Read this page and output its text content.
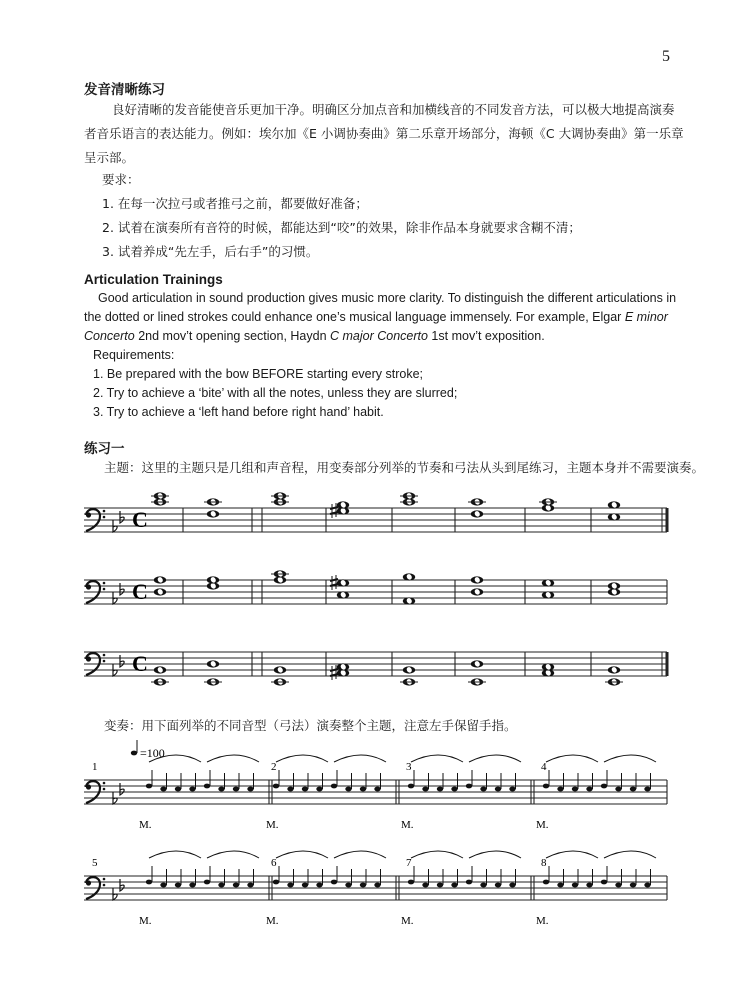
5
发音清晰练习
良好清晰的发音能使音乐更加干净。明确区分加点音和加横线音的不同发音方法，可以极大地提高演奏
者音乐语言的表达能力。例如：埃尔加《E 小调协奏曲》第二乐章开场部分，海顿《C 大调协奏曲》第一乐章
呈示部。
要求：
1. 在每一次拉弓或者推弓之前，都要做好准备；
2. 试着在演奏所有音符的时候，都能达到“咬”的效果，除非作品本身就要求含糊不清；
3. 试着养成“先左手，后右手”的习惯。
Articulation Trainings
Good articulation in sound production gives music more clarity. To distinguish the different articulations in the dotted or lined strokes could enhance one’s musical language immensely. For example, Elgar E minor Concerto 2nd mov’t opening section, Haydn C major Concerto 1st mov’t exposition.
Requirements:
1. Be prepared with the bow BEFORE starting every stroke;
2. Try to achieve a ‘bite’ with all the notes, unless they are slurred;
3. Try to achieve a ‘left hand before right hand’ habit.
练习一
主题：这里的主题只是几组和声音程，用变奏部分列举的节奏和弓法从头到尾练习，主题本身并不需要演奏。
变奏：用下面列举的不同音型（弓法）演奏整个主题，注意左手保留手指。
C
C
C
1
M.
2
M.
3
M.
4
M.
5
M.
6
M.
7
M.
8
M.
=100
